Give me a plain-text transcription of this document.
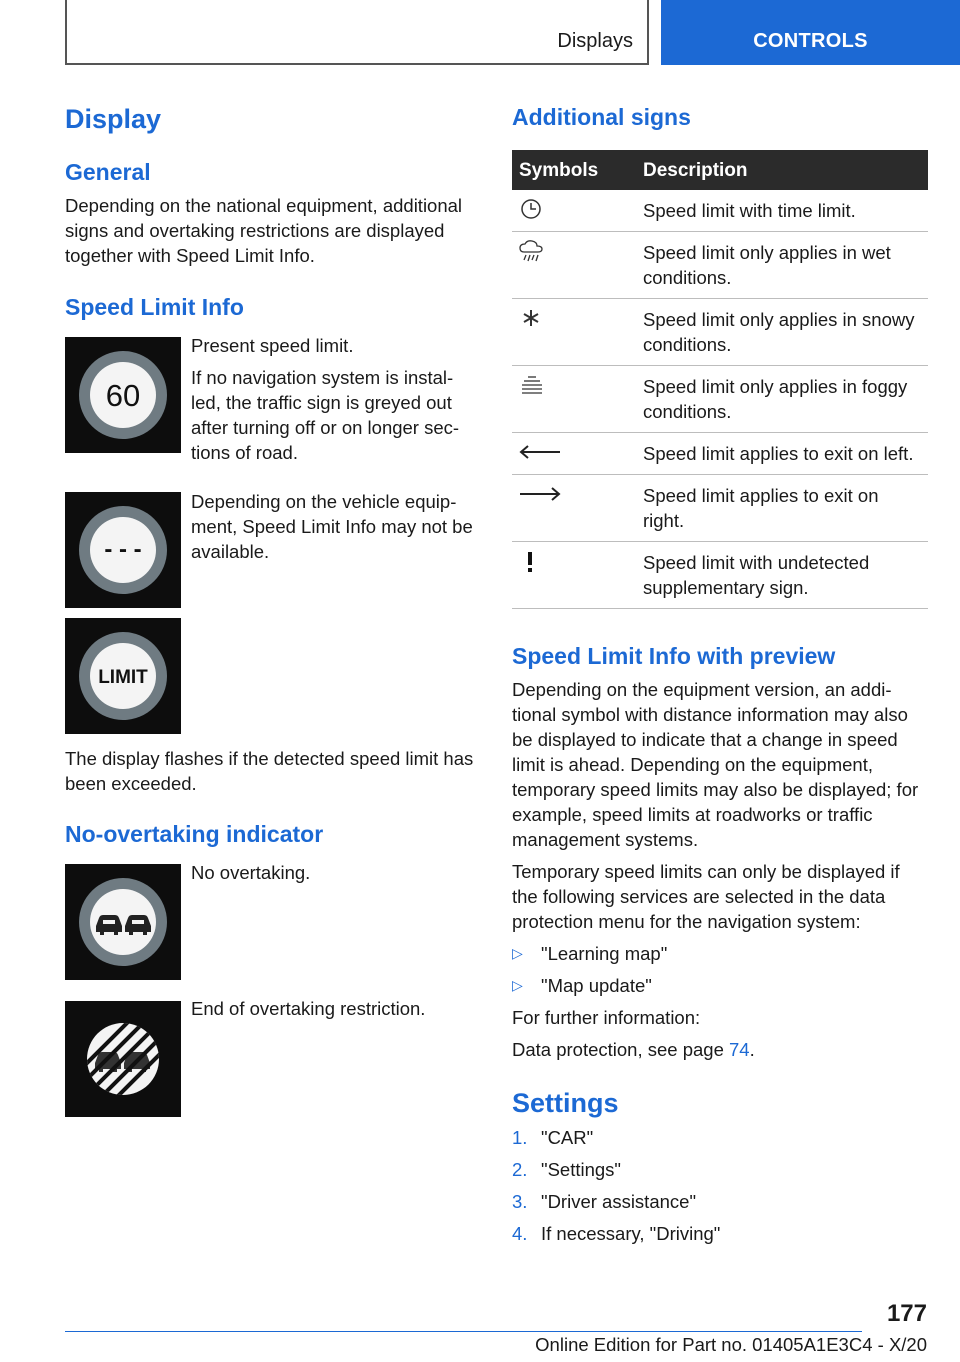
Displays	CONTROLS
Display
General
Depending on the national equipment, additional signs and overtaking restrictions are displayed together with Speed Limit Info.
Speed Limit Info
60

Present speed limit.

If no navigation system is instal-led, the traffic sign is greyed out after turning off or on longer sec-tions of road.

- - -
Depending on the vehicle equip-ment, Speed Limit Info may not be available.
LIMIT
The display flashes if the detected speed limit has been exceeded.
No-overtaking indicator
No overtaking.
End of overtaking restriction.
Additional signs
Symbols Description
Speed limit with time limit.
Speed limit only applies in wet conditions.
Speed limit only applies in snowy conditions.
Speed limit only applies in foggy conditions.
Speed limit applies to exit on left.
Speed limit applies to exit on right.
Speed limit with undetected supplementary sign.
Speed Limit Info with preview

Depending on the equipment version, an addi-tional symbol with distance information may also be displayed to indicate that a change in speed limit is ahead. Depending on the equipment, temporary speed limits may also be displayed; for example, speed limits at roadworks or traffic management systems.

Temporary speed limits can only be displayed if the following services are selected in the data protection menu for the navigation system:

▷ "Learning map"
▷ "Map update"

For further information:

Data protection, see page 74.

Settings
1. "CAR"
2. "Settings"
3. "Driver assistance"
4. If necessary, "Driving"
177
Online Edition for Part no. 01405A1E3C4 - X/20
